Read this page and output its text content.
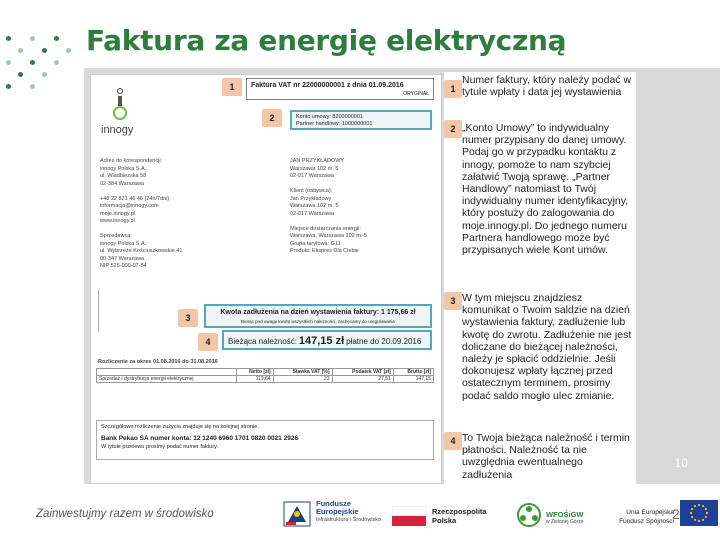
Faktura za energię elektryczną
10
innogy
Faktura VAT nr 22000000001 z dnia 01.09.2016
ORYGINAŁ
Konto umowy: 8200000001
Partner handlowy: 1000000001
Adres do korespondencji:
innogy Polska S.A.
ul. Wiadbiezska 58
02-384 Warszawa

+48 22 821 46 46 (24h/7dni)
informacja@innogy.com
moje.innogy.pl
www.innogy.pl

Sprzedawca:
innogy Polska S.A.
ul. Wybrzeże Kościuszkowskie 41
00-347 Warszawa
NIP 525-000-07-84
JAN PRZYKŁADOWY
Warszawa 102 m. 5
02-017 Warszawa

Klient (nabywca):
Jan Przykładowy
Warszawa 102 m. 5
02-017 Warszawa

Miejsce dostarczania energii:
Warszawa, Warszawa 102 m. 5
Grupa taryfowa: G11
Produkt: Ekspres Dla Ciebie
Kwota zadłużenia na dzień wystawienia faktury: 1 175,66 zł
Biorąc pod uwagę kwotę wszystkich należności, zachęcamy do uregulowania
Bieżąca należność: 147,15 zł płatne do 20.09.2016
Rozliczenie za okres 01.08.2016 do 31.08.2016
	Netto [zł]	Stawka VAT [%]	Podatek VAT [zł]	Brutto [zł]
Sprzedaż i dystrybucja energii elektrycznej	119,64	23	27,51	147,15
Szczegółowe rozliczenie zużycia znajduje się na kolejnej stronie.
Bank Pekao SA numer konta: 12 1240 6960 1701 0820 0021 2926
W tytule przelewu prosimy podać numer faktury.
1
2
3
4
1
Numer faktury, który należy podać w tytule wpłaty i data jej wystawienia
2 „Konto Umowy” to indywidualny numer przypisany do danej umowy. Podaj go w przypadku kontaktu z innogy, pomoże to nam szybciej załatwić Twoją sprawę. „Partner Handlowy” natomiast to Twój indywidualny numer identyfikacyjny, który postuży do zalogowania do moje.innogy.pl. Do jednego numeru Partnera handlowego może być przypisanych wiele Kont umów.
3 W tym miejscu znajdziesz komunikat o Twoim saldzie na dzień wystawienia faktury, zadłużenie lub kwotę do zwrotu. Zadłużenie nie jest doliczane do bieżącej należności, należy je spłacić oddzielnie. Jeśli dokonujesz wpłaty łącznej przed ostatecznym terminem, prosimy podać saldo mogło ulec zmianie.
4 To Twoja bieżąca należność i termin płatności. Należność ta nie uwzględnia ewentualnego zadłużenia
Zainwestujmy razem w środowisko
Fundusze
Europejskie
Infrastruktura i Środowisko
Rzeczpospolita
Polska
WFOŚiGW
w Zielonej Górze
Unia Europejska
Fundusz Spójności
2
